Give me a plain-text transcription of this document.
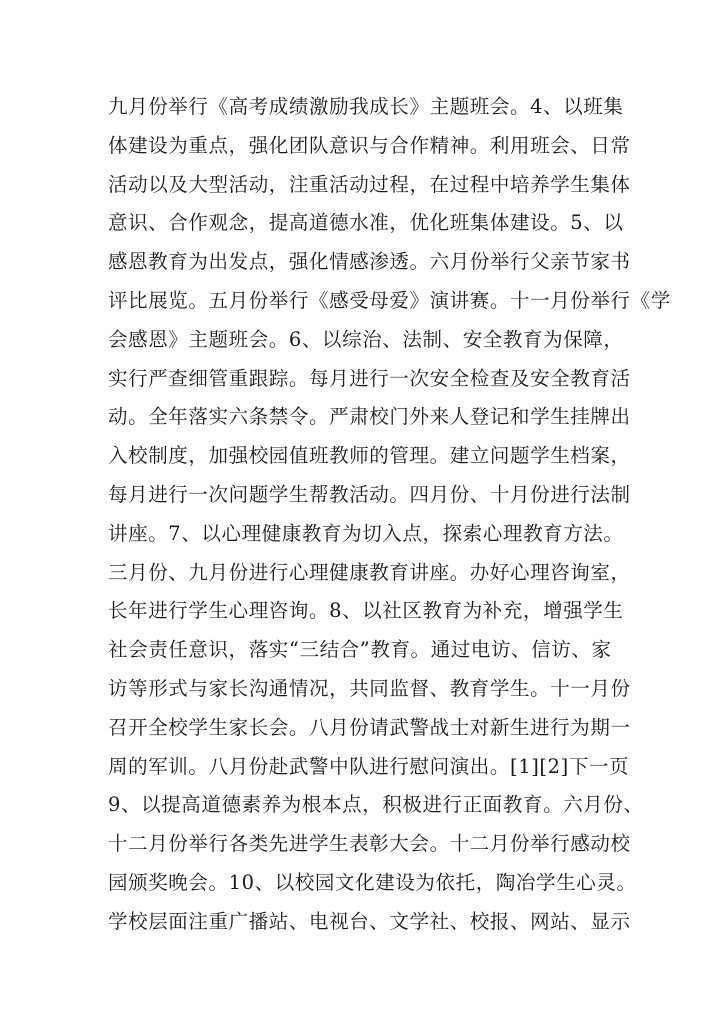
九月份举行《高考成绩激励我成长》主题班会。4、以班集
体建设为重点，强化团队意识与合作精神。利用班会、日常
活动以及大型活动，注重活动过程，在过程中培养学生集体
意识、合作观念，提高道德水准，优化班集体建设。5、以
感恩教育为出发点，强化情感渗透。六月份举行父亲节家书
评比展览。五月份举行《感受母爱》演讲赛。十一月份举行《学
会感恩》主题班会。6、以综治、法制、安全教育为保障，
实行严查细管重跟踪。每月进行一次安全检查及安全教育活
动。全年落实六条禁令。严肃校门外来人登记和学生挂牌出
入校制度，加强校园值班教师的管理。建立问题学生档案，
每月进行一次问题学生帮教活动。四月份、十月份进行法制
讲座。7、以心理健康教育为切入点，探索心理教育方法。
三月份、九月份进行心理健康教育讲座。办好心理咨询室，
长年进行学生心理咨询。8、以社区教育为补充，增强学生
社会责任意识，落实“三结合”教育。通过电访、信访、家
访等形式与家长沟通情况，共同监督、教育学生。十一月份
召开全校学生家长会。八月份请武警战士对新生进行为期一
周的军训。八月份赴武警中队进行慰问演出。[1][2]下一页
9、以提高道德素养为根本点，积极进行正面教育。六月份、
十二月份举行各类先进学生表彰大会。十二月份举行感动校
园颁奖晚会。10、以校园文化建设为依托，陶冶学生心灵。
学校层面注重广播站、电视台、文学社、校报、网站、显示
